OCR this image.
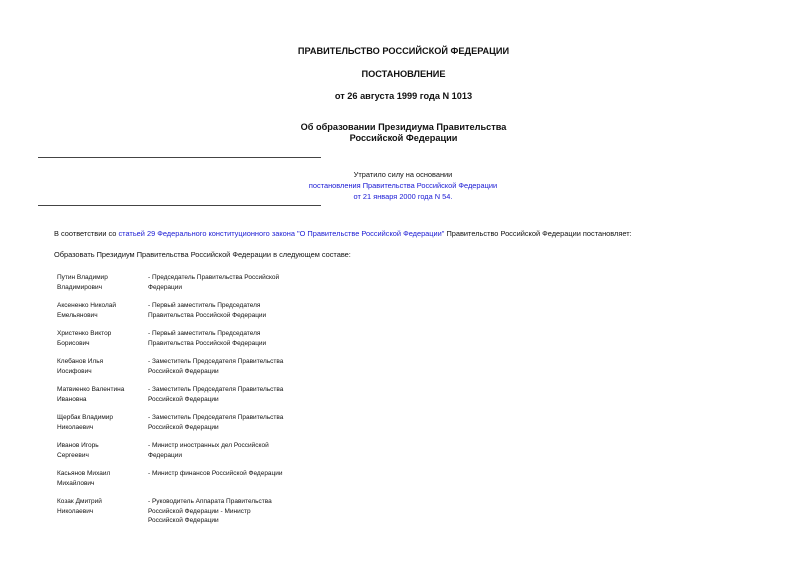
ПРАВИТЕЛЬСТВО РОССИЙСКОЙ ФЕДЕРАЦИИ
ПОСТАНОВЛЕНИЕ
от 26 августа 1999 года N 1013
Об образовании Президиума Правительства
Российской Федерации
Утратило силу на основании
постановления Правительства Российской Федерации
от 21 января 2000 года N 54.
В соответствии со статьей 29 Федерального конституционного закона "О Правительстве Российской Федерации" Правительство Российской Федерации постановляет:
Образовать Президиум Правительства Российской Федерации в следующем составе:
Путин Владимир
Владимирович
- Председатель Правительства Российской
Федерации
Аксененко Николай
Емельянович
- Первый заместитель Председателя
Правительства Российской Федерации
Христенко Виктор
Борисович
- Первый заместитель Председателя
Правительства Российской Федерации
Клебанов Илья
Иосифович
- Заместитель Председателя Правительства
Российской Федерации
Матвиенко Валентина
Ивановна
- Заместитель Председателя Правительства
Российской Федерации
Щербак Владимир
Николаевич
- Заместитель Председателя Правительства
Российской Федерации
Иванов Игорь
Сергеевич
- Министр иностранных дел Российской
Федерации
Касьянов Михаил
Михайлович
- Министр финансов Российской Федерации
Козак Дмитрий
Николаевич
- Руководитель Аппарата Правительства
Российской Федерации - Министр
Российской Федерации
